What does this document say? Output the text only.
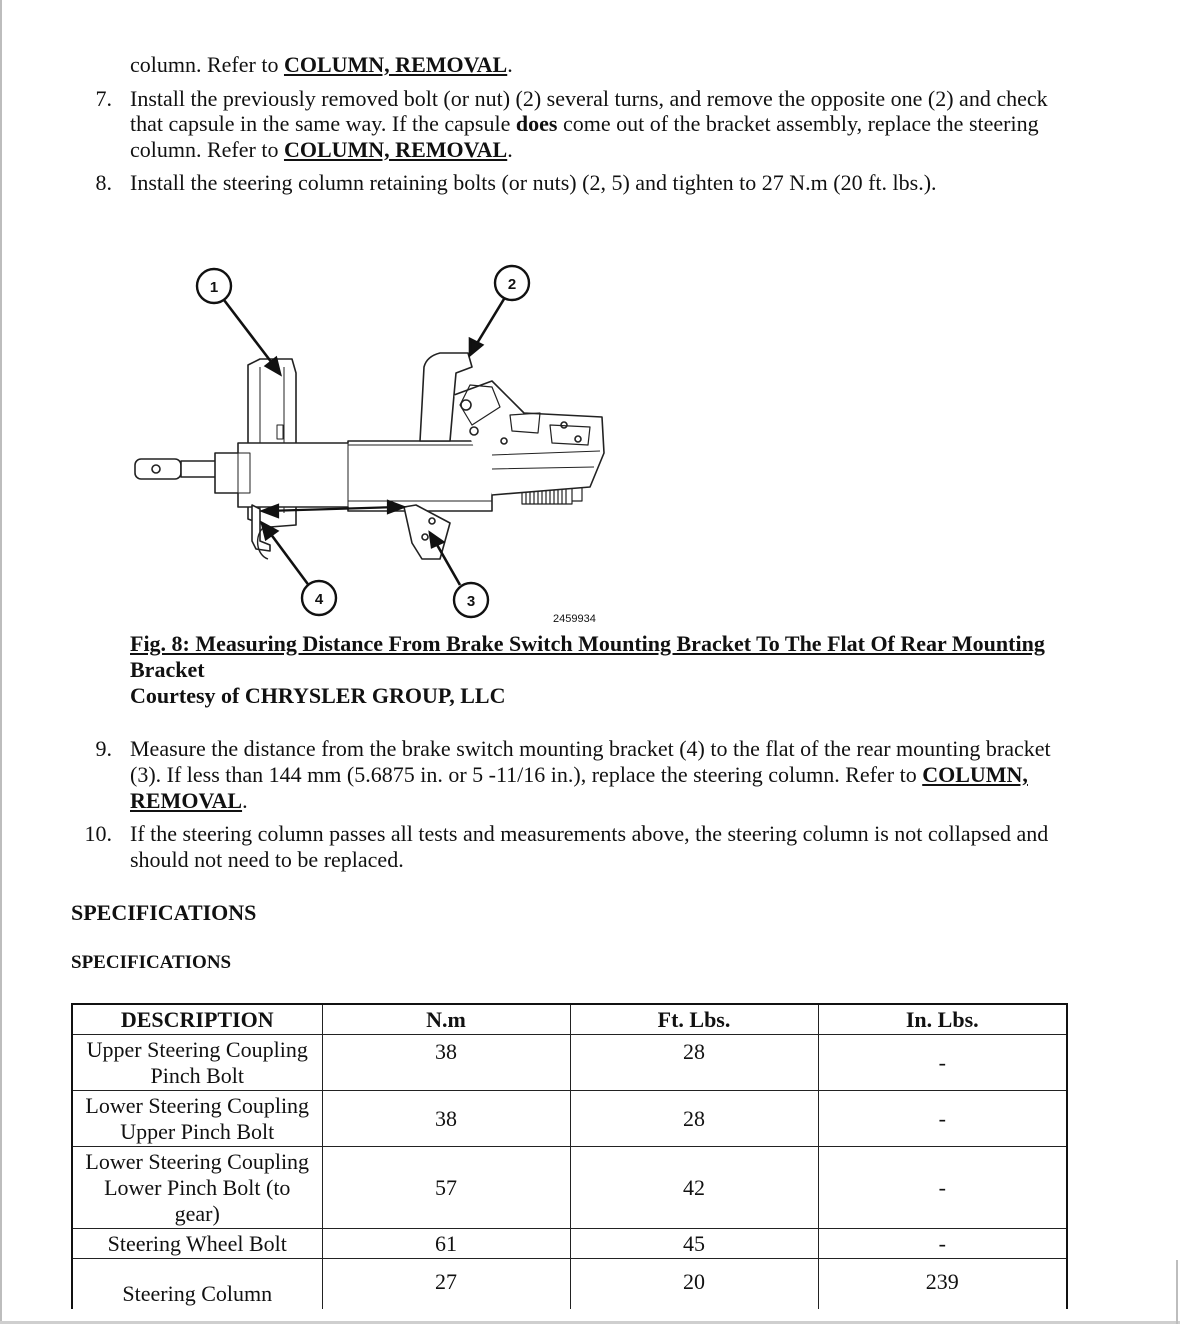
column. Refer to COLUMN, REMOVAL.
7. Install the previously removed bolt (or nut) (2) several turns, and remove the opposite one (2) and check
that capsule in the same way. If the capsule does come out of the bracket assembly, replace the steering
column. Refer to COLUMN, REMOVAL.
8. Install the steering column retaining bolts (or nuts) (2, 5) and tighten to 27 N.m (20 ft. lbs.).
1	2
3
4
2459934
Fig. 8: Measuring Distance From Brake Switch Mounting Bracket To The Flat Of Rear Mounting
Bracket
Courtesy of CHRYSLER GROUP, LLC
9. Measure the distance from the brake switch mounting bracket (4) to the flat of the rear mounting bracket
(3). If less than 144 mm (5.6875 in. or 5 -11/16 in.), replace the steering column. Refer to COLUMN,
REMOVAL.
10. If the steering column passes all tests and measurements above, the steering column is not collapsed and
should not need to be replaced.
SPECIFICATIONS
SPECIFICATIONS
DESCRIPTION	N.m	Ft. Lbs.	In. Lbs.

Upper Steering Coupling
Pinch Bolt	38	28	-

Lower Steering Coupling
Upper Pinch Bolt	38	28	-

Lower Steering Coupling
Lower Pinch Bolt (to
gear)	57	42	-

Steering Wheel Bolt	61	45	-

Steering Column	27	20	239
